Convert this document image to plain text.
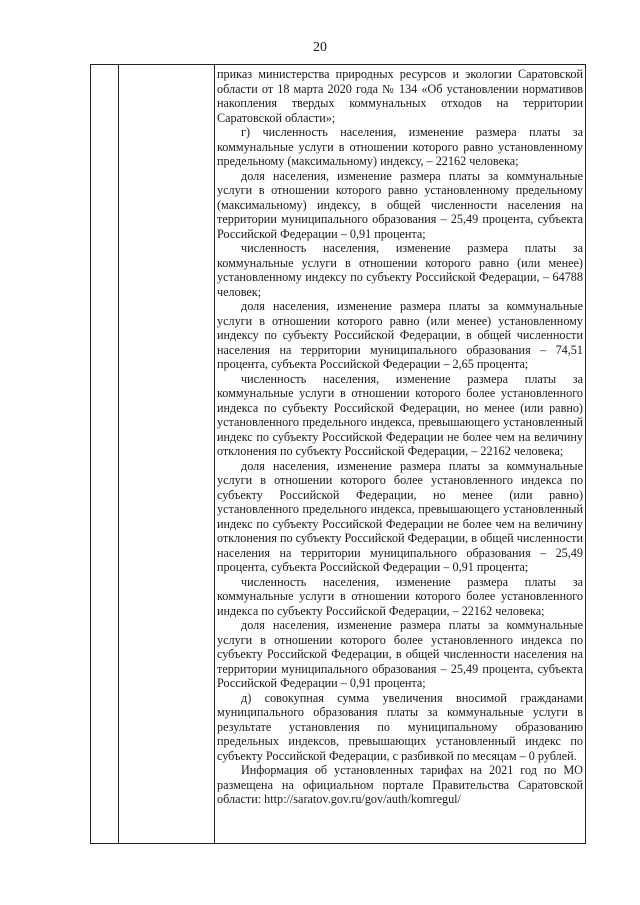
20

приказ министерства природных ресурсов и экологии Саратовской области от 18 марта 2020 года № 134 «Об установлении нормативов накопления твердых коммунальных отходов на территории Саратовской области»;

г) численность населения, изменение размера платы за коммунальные услуги в отношении которого равно установленному предельному (максимальному) индексу, – 22162 человека;

доля населения, изменение размера платы за коммунальные услуги в отношении которого равно установленному предельному (максимальному) индексу, в общей численности населения на территории муниципального образования – 25,49 процента, субъекта Российской Федерации – 0,91 процента;

численность населения, изменение размера платы за коммунальные услуги в отношении которого равно (или менее) установленному индексу по субъекту Российской Федерации, – 64788 человек;

доля населения, изменение размера платы за коммунальные услуги в отношении которого равно (или менее) установленному индексу по субъекту Российской Федерации, в общей численности населения на территории муниципального образования – 74,51 процента, субъекта Российской Федерации – 2,65 процента;

численность населения, изменение размера платы за коммунальные услуги в отношении которого более установленного индекса по субъекту Российской Федерации, но менее (или равно) установленного предельного индекса, превышающего установленный индекс по субъекту Российской Федерации не более чем на величину отклонения по субъекту Российской Федерации, – 22162 человека;

доля населения, изменение размера платы за коммунальные услуги в отношении которого более установленного индекса по субъекту Российской Федерации, но менее (или равно) установленного предельного индекса, превышающего установленный индекс по субъекту Российской Федерации не более чем на величину отклонения по субъекту Российской Федерации, в общей численности населения на территории муниципального образования – 25,49 процента, субъекта Российской Федерации – 0,91 процента;

численность населения, изменение размера платы за коммунальные услуги в отношении которого более установленного индекса по субъекту Российской Федерации, – 22162 человека;

доля населения, изменение размера платы за коммунальные услуги в отношении которого более установленного индекса по субъекту Российской Федерации, в общей численности населения на территории муниципального образования – 25,49 процента, субъекта Российской Федерации – 0,91 процента;

д) совокупная сумма увеличения вносимой гражданами муниципального образования платы за коммунальные услуги в результате установления по муниципальному образованию предельных индексов, превышающих установленный индекс по субъекту Российской Федерации, с разбивкой по месяцам – 0 рублей.

Информация об установленных тарифах на 2021 год по МО размещена на официальном портале Правительства Саратовской области: http://saratov.gov.ru/gov/auth/komregul/
